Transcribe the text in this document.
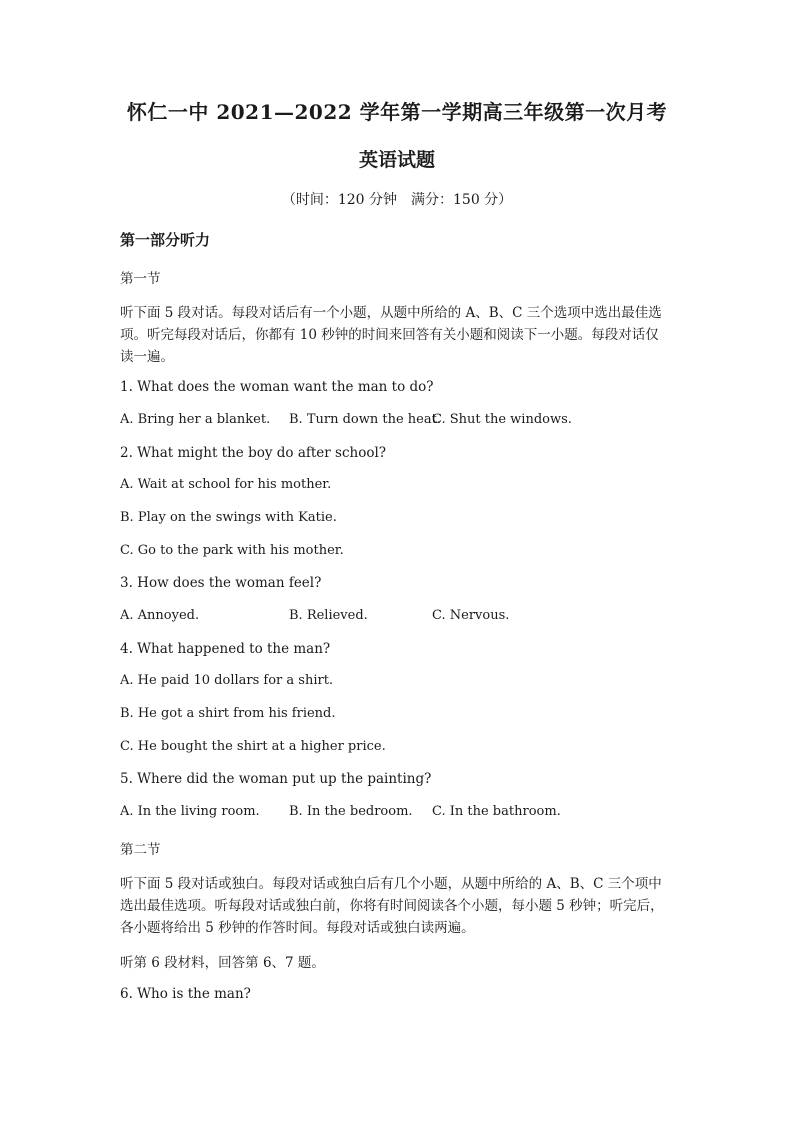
怀仁一中 2021—2022 学年第一学期高三年级第一次月考
英语试题
（时间：120 分钟　满分：150 分）
第一部分听力
第一节
听下面 5 段对话。每段对话后有一个小题，从题中所给的 A、B、C 三个选项中选出最佳选
项。听完每段对话后，你都有 10 秒钟的时间来回答有关小题和阅读下一小题。每段对话仅
读一遍。
1. What does the woman want the man to do?
A. Bring her a blanket. B. Turn down the heat.
C. Shut the windows.
2. What might the boy do after school?
A. Wait at school for his mother.
B. Play on the swings with Katie.
C. Go to the park with his mother.
3. How does the woman feel?
A. Annoyed.	B. Relieved.	C. Nervous.
4. What happened to the man?
A. He paid 10 dollars for a shirt.
B. He got a shirt from his friend.
C. He bought the shirt at a higher price.
5. Where did the woman put up the painting?
A. In the living room. B. In the bedroom. C. In the bathroom.
第二节
听下面 5 段对话或独白。每段对话或独白后有几个小题，从题中所给的 A、B、C 三个项中
选出最佳选项。听每段对话或独白前，你将有时间阅读各个小题，每小题 5 秒钟；听完后，
各小题将给出 5 秒钟的作答时间。每段对话或独白读两遍。
听第 6 段材料，回答第 6、7 题。
6. Who is the man?
